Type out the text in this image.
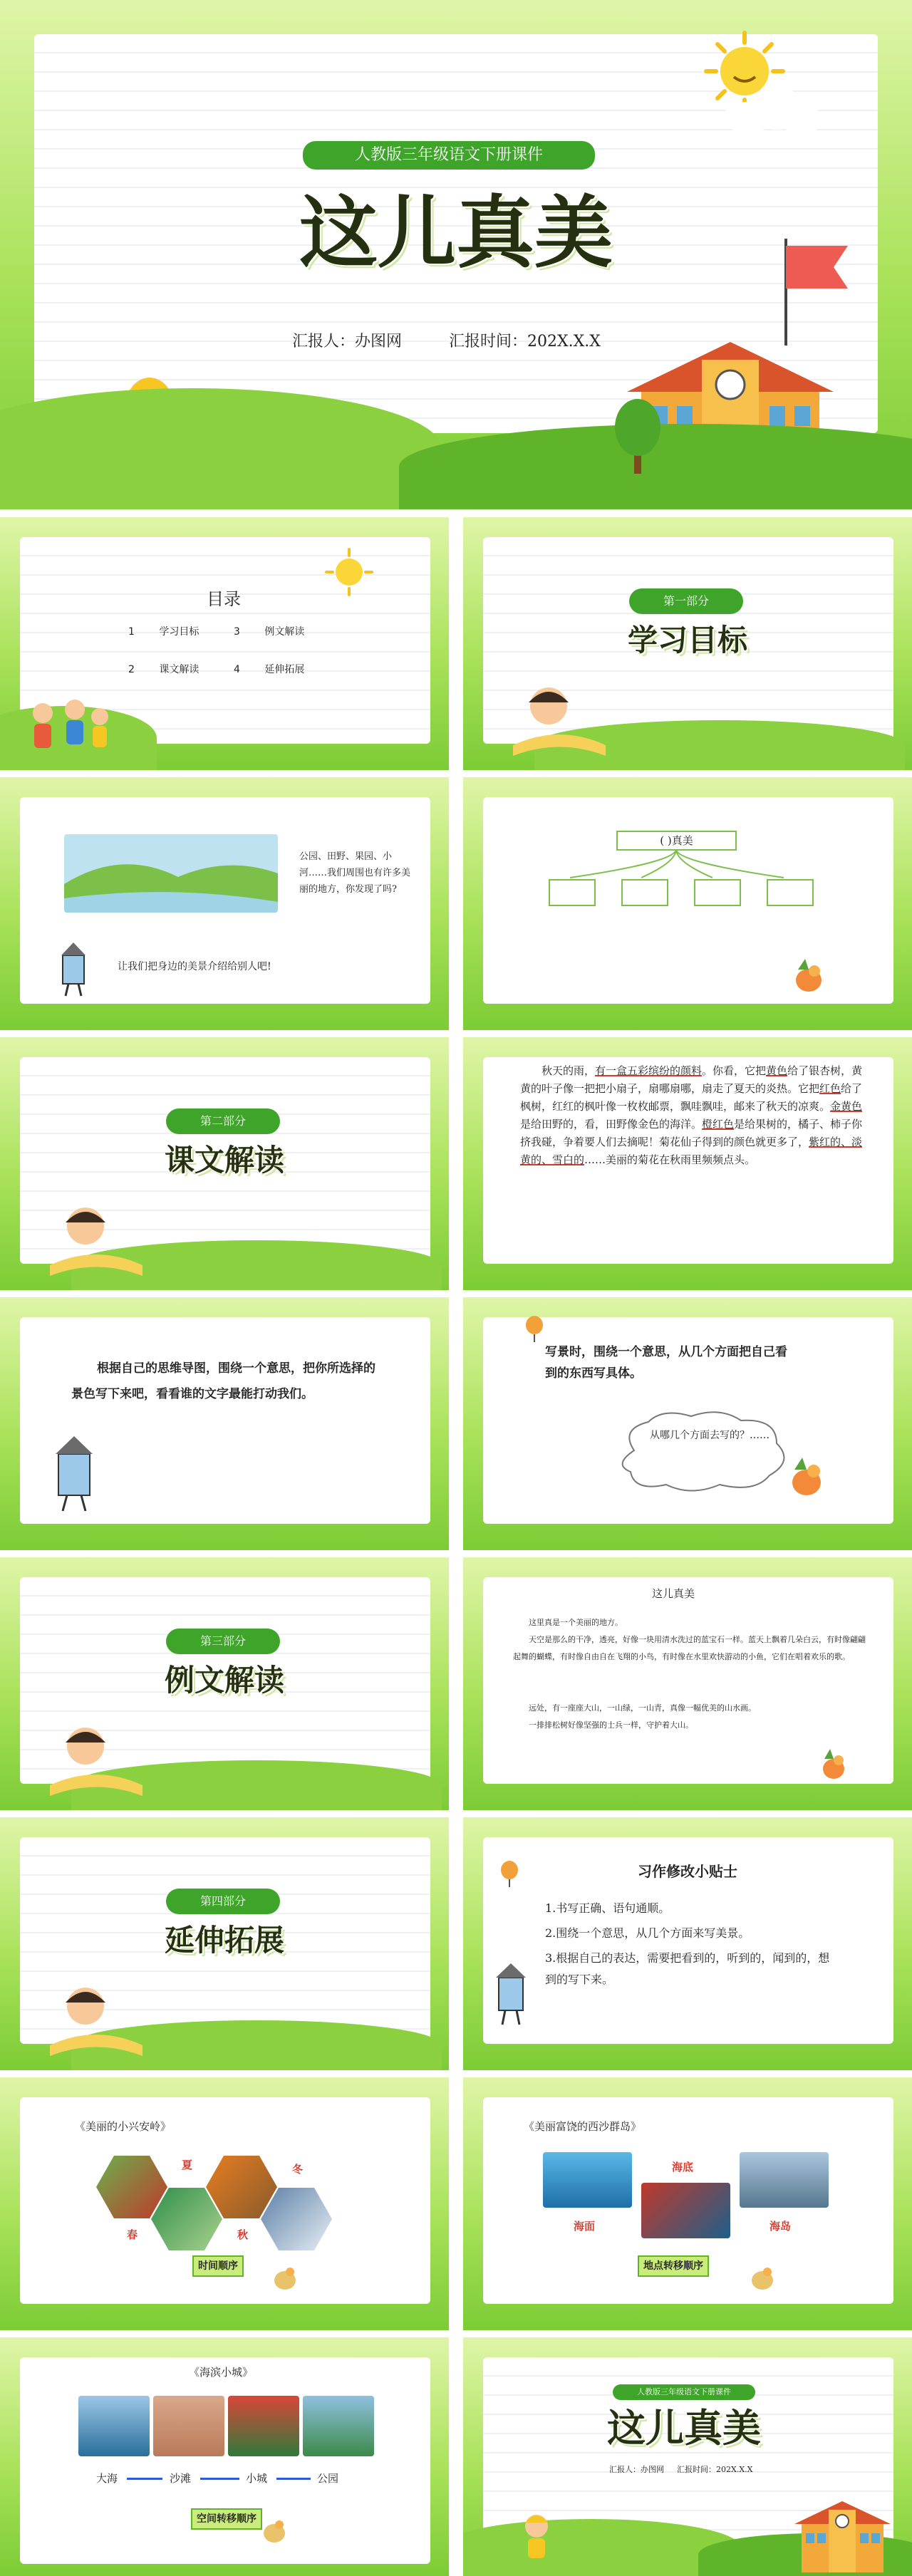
人教版三年级语文下册课件
这儿真美
汇报人：办图网	汇报时间：202X.X.X
目录
1 学习目标	3 例文解读
2 课文解读	4 延伸拓展
第一部分
学习目标
公园、田野、果园、小河……我们周围也有许多美丽的地方，你发现了吗?
让我们把身边的美景介绍给别人吧!
( )真美
第二部分
课文解读
秋天的雨，有一盒五彩缤纷的颜料。你看，它把黄色给了银杏树，黄黄的叶子像一把把小扇子，扇哪扇哪，扇走了夏天的炎热。它把红色给了枫树，红红的枫叶像一枚枚邮票，飘哇飘哇，邮来了秋天的凉爽。金黄色是给田野的，看，田野像金色的海洋。橙红色是给果树的，橘子、柿子你挤我碰，争着要人们去摘呢！菊花仙子得到的颜色就更多了，紫红的、淡黄的、雪白的……美丽的菊花在秋雨里频频点头。
根据自己的思维导图，围绕一个意思，把你所选择的景色写下来吧，看看谁的文字最能打动我们。
写景时，围绕一个意思，从几个方面把自己看到的东西写具体。
从哪几个方面去写的？……
第三部分
例文解读
这儿真美
这里真是一个美丽的地方。
天空是那么的干净，透亮，好像一块用清水洗过的蓝宝石一样。蓝天上飘着几朵白云，有时像翩翩起舞的蝴蝶，有时像自由自在飞翔的小鸟，有时像在水里欢快游动的小鱼，它们在唱着欢乐的歌。
远处，有一座座大山，一山绿，一山青，真像一幅优美的山水画。
一排排松树好像坚强的士兵一样，守护着大山。
第四部分
延伸拓展
习作修改小贴士
1.书写正确、语句通顺。
2.围绕一个意思，从几个方面来写美景。
3.根据自己的表达，需要把看到的，听到的，闻到的，想到的写下来。
《美丽的小兴安岭》
夏	冬
春	秋
时间顺序
《美丽富饶的西沙群岛》
海底
海面	海岛
地点转移顺序
《海滨小城》
大海	沙滩	小城	公园
空间转移顺序
人教版三年级语文下册课件
这儿真美
汇报人：办图网 汇报时间：202X.X.X
